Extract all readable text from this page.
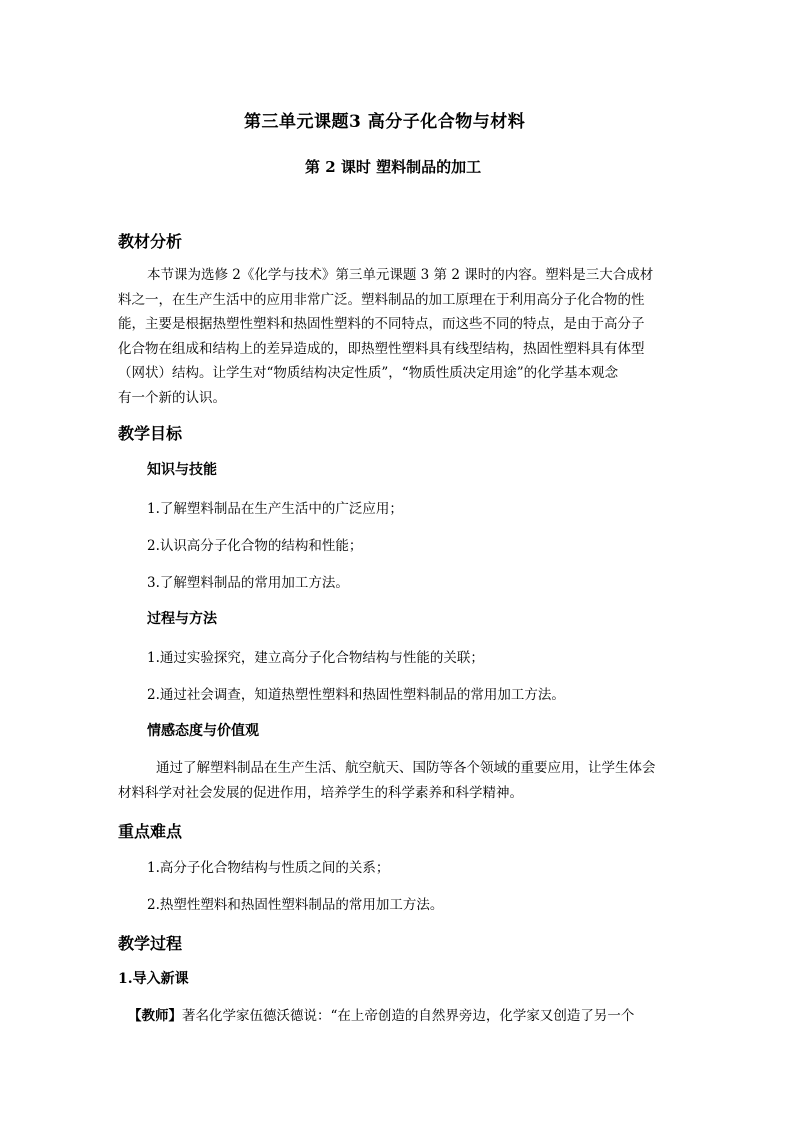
第三单元课题3 高分子化合物与材料
第 2 课时 塑料制品的加工
教材分析
本节课为选修 2《化学与技术》第三单元课题 3 第 2 课时的内容。塑料是三大合成材
料之一，在生产生活中的应用非常广泛。塑料制品的加工原理在于利用高分子化合物的性
能，主要是根据热塑性塑料和热固性塑料的不同特点，而这些不同的特点，是由于高分子
化合物在组成和结构上的差异造成的，即热塑性塑料具有线型结构，热固性塑料具有体型
（网状）结构。让学生对“物质结构决定性质”，“物质性质决定用途”的化学基本观念
有一个新的认识。
教学目标
知识与技能
1.了解塑料制品在生产生活中的广泛应用；
2.认识高分子化合物的结构和性能；
3.了解塑料制品的常用加工方法。
过程与方法
1.通过实验探究，建立高分子化合物结构与性能的关联；
2.通过社会调查，知道热塑性塑料和热固性塑料制品的常用加工方法。
情感态度与价值观
通过了解塑料制品在生产生活、航空航天、国防等各个领域的重要应用，让学生体会
材料科学对社会发展的促进作用，培养学生的科学素养和科学精神。
重点难点
1.高分子化合物结构与性质之间的关系；
2.热塑性塑料和热固性塑料制品的常用加工方法。
教学过程
1.导入新课
【教师】著名化学家伍德沃德说：“在上帝创造的自然界旁边，化学家又创造了另一个
